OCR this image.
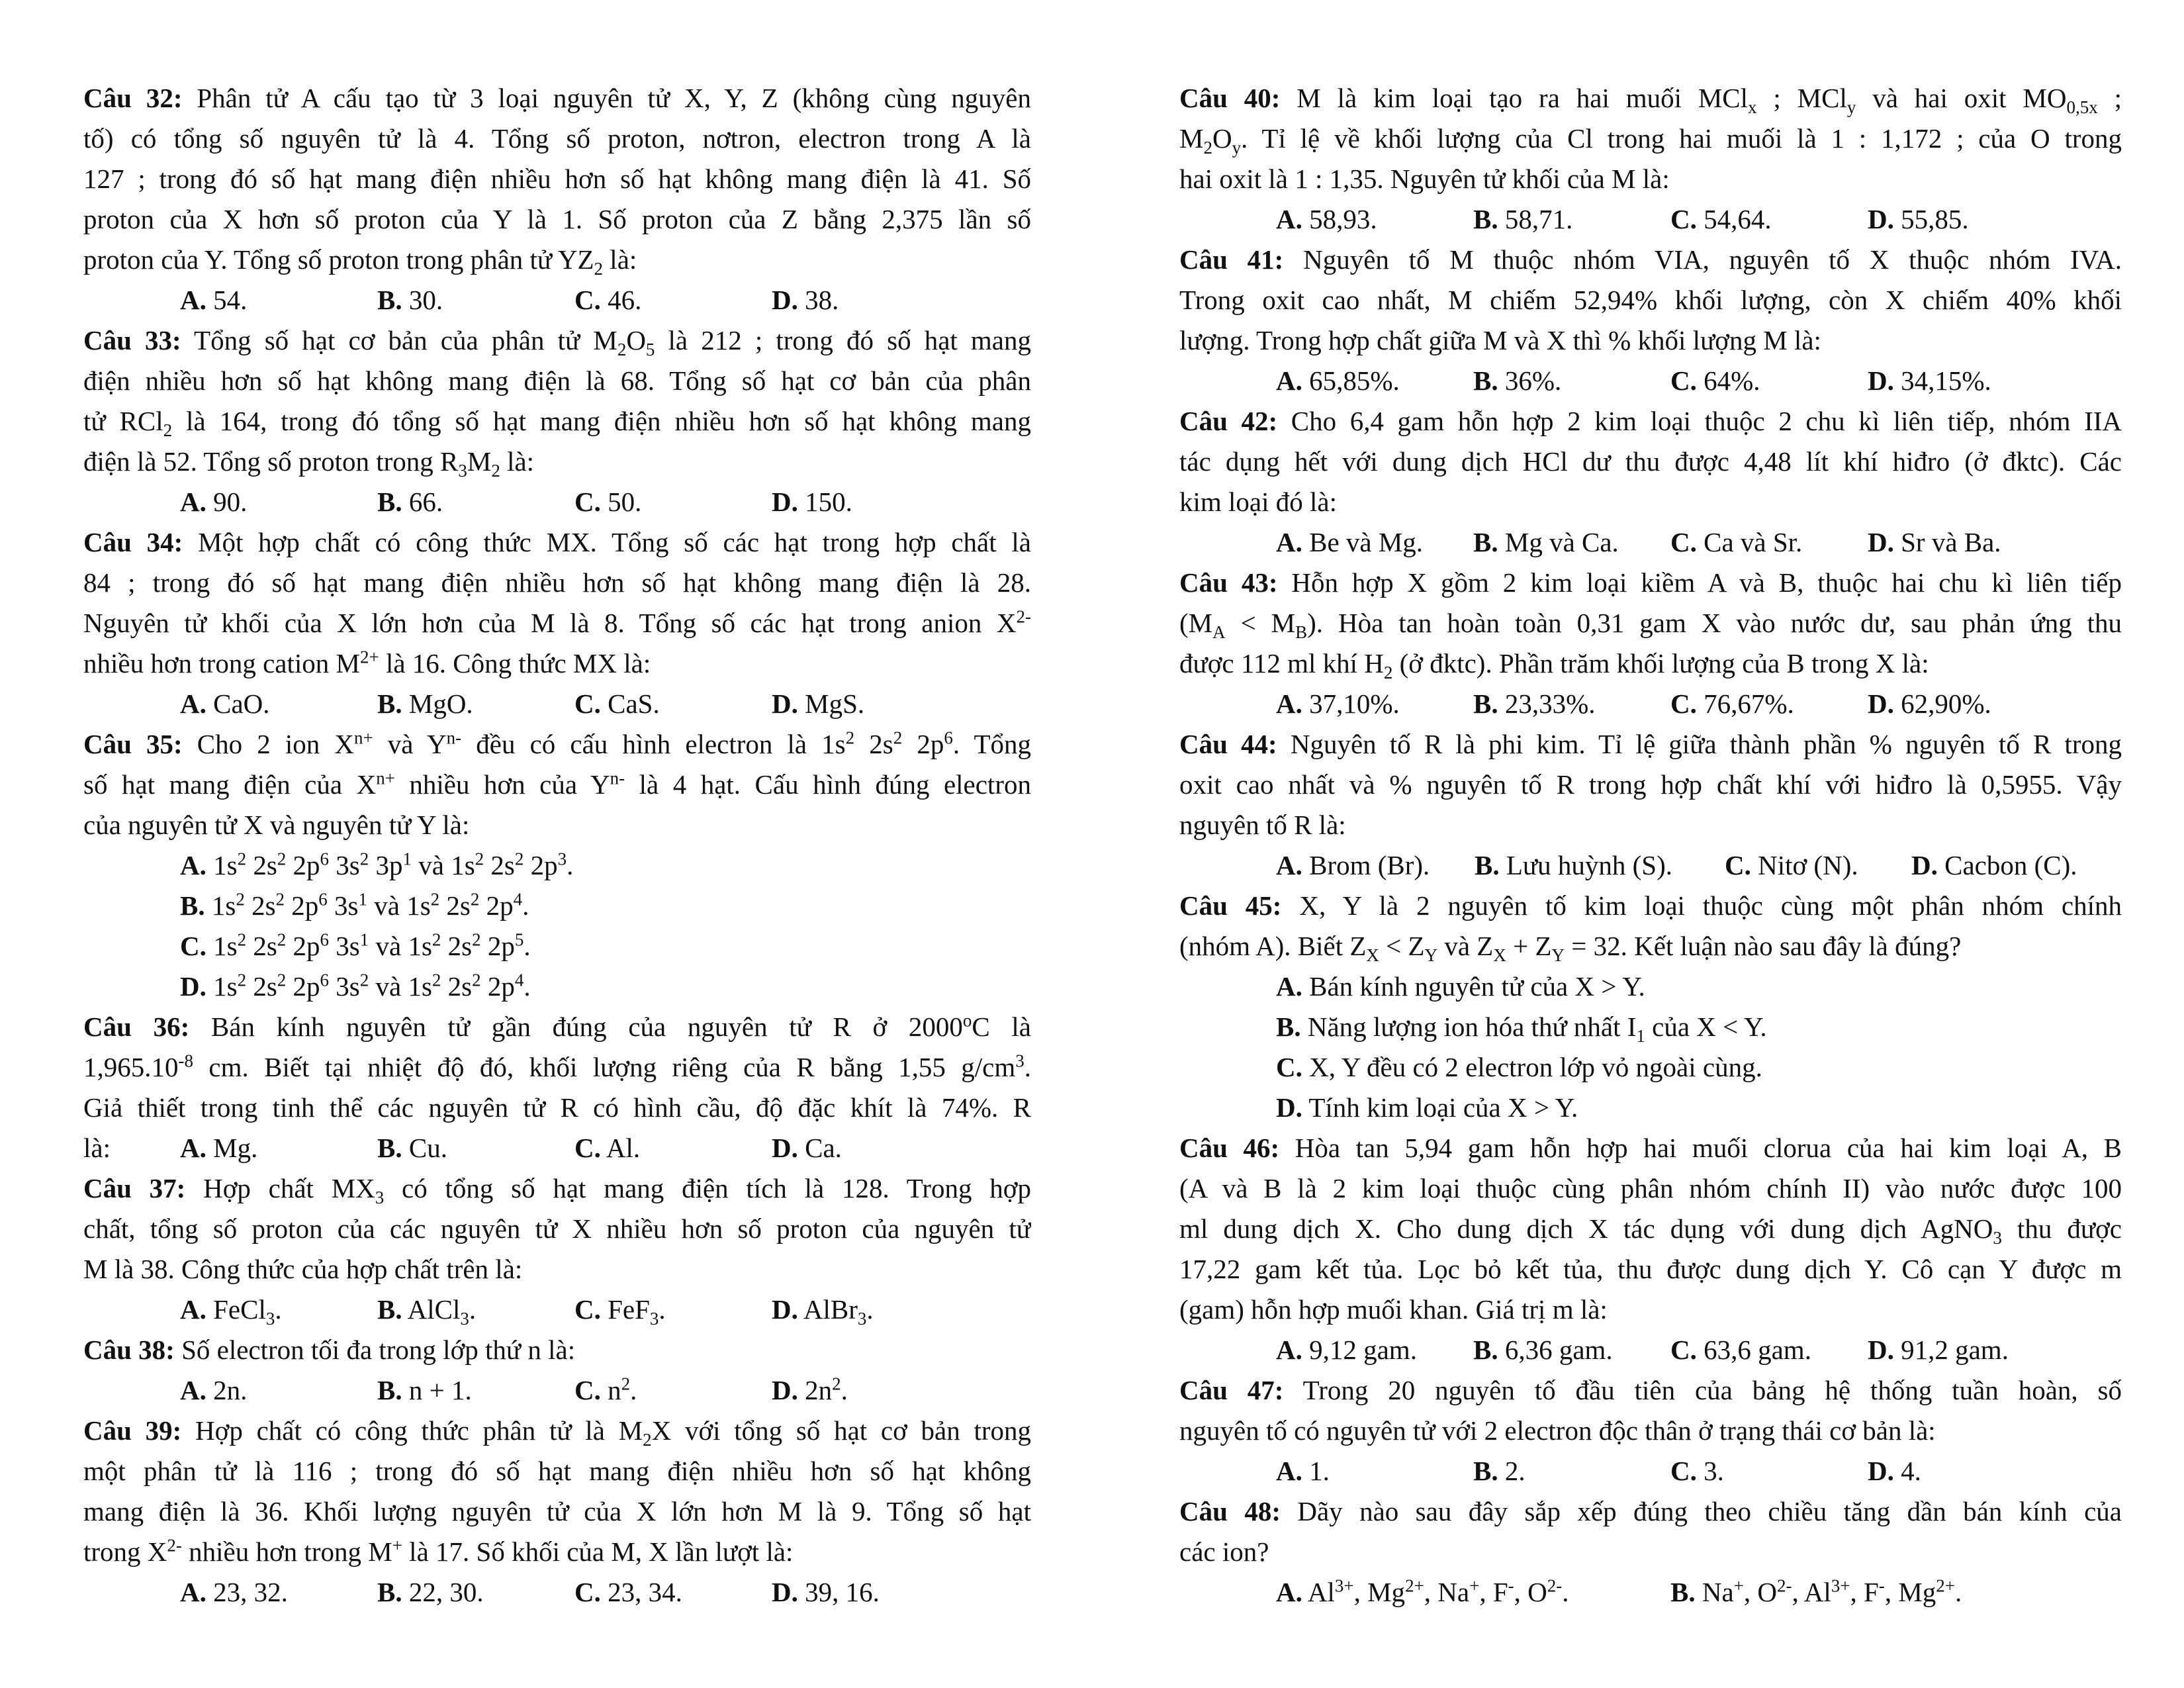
Câu 32: Phân tử A cấu tạo từ 3 loại nguyên tử X, Y, Z (không cùng nguyên
tố) có tổng số nguyên tử là 4. Tổng số proton, nơtron, electron trong A là
127 ; trong đó số hạt mang điện nhiều hơn số hạt không mang điện là 41. Số
proton của X hơn số proton của Y là 1. Số proton của Z bằng 2,375 lần số
proton của Y. Tổng số proton trong phân tử $YZ_2$ là:
A. 54.	B. 30.	C. 46.	D. 38.
Câu 33: Tổng số hạt cơ bản của phân tử $M_2O_5$ là 212 ; trong đó số hạt mang
điện nhiều hơn số hạt không mang điện là 68. Tổng số hạt cơ bản của phân
tử RCl$_2$ là 164, trong đó tổng số hạt mang điện nhiều hơn số hạt không mang
điện là 52. Tổng số proton trong $R_3M_2$ là:
A. 90.	B. 66.	C. 50.	D. 150.
Câu 34: Một hợp chất có công thức MX. Tổng số các hạt trong hợp chất là
84 ; trong đó số hạt mang điện nhiều hơn số hạt không mang điện là 28.
Nguyên tử khối của X lớn hơn của M là 8. Tổng số các hạt trong anion $X^{2-}$
nhiều hơn trong cation $M^{2+}$ là 16. Công thức MX là:
A. CaO.	B. MgO.	C. CaS.	D. MgS.
Câu 35: Cho 2 ion $X^{n+}$ và $Y^{n-}$ đều có cấu hình electron là $1s^2$ $2s^2$ $2p^6$. Tổng
số hạt mang điện của $X^{n+}$ nhiều hơn của $Y^{n-}$ là 4 hạt. Cấu hình đúng electron
của nguyên tử X và nguyên tử Y là:
A. $1s^2$ $2s^2$ $2p^6$ $3s^2$ $3p^1$ và $1s^2$ $2s^2$ $2p^3$.
B. $1s^2$ $2s^2$ $2p^6$ $3s^1$ và $1s^2$ $2s^2$ $2p^4$.
C. $1s^2$ $2s^2$ $2p^6$ $3s^1$ và $1s^2$ $2s^2$ $2p^5$.
D. $1s^2$ $2s^2$ $2p^6$ $3s^2$ và $1s^2$ $2s^2$ $2p^4$.
Câu 36: Bán kính nguyên tử gần đúng của nguyên tử R ở 2000$^o$C là
$1,965.10^{-8}$ cm. Biết tại nhiệt độ đó, khối lượng riêng của R bằng 1,55 $g/cm^3$.
Giả thiết trong tinh thể các nguyên tử R có hình cầu, độ đặc khít là 74%. R
là:	A. Mg.	B. Cu.	C. Al.	D. Ca.
Câu 37: Hợp chất $MX_3$ có tổng số hạt mang điện tích là 128. Trong hợp
chất, tổng số proton của các nguyên tử X nhiều hơn số proton của nguyên tử
M là 38. Công thức của hợp chất trên là:
A. FeCl$_3$.	B. AlCl$_3$.	C. FeF$_3$.	D. AlBr$_3$.
Câu 38: Số electron tối đa trong lớp thứ n là:
A. 2n.	B. n + 1.	C. $n^2$.	D. $2n^2$.
Câu 39: Hợp chất có công thức phân tử là $M_2X$ với tổng số hạt cơ bản trong
một phân tử là 116 ; trong đó số hạt mang điện nhiều hơn số hạt không
mang điện là 36. Khối lượng nguyên tử của X lớn hơn M là 9. Tổng số hạt
trong $X^{2-}$ nhiều hơn trong M+ là 17. Số khối của M, X lần lượt là:
A. 23, 32.	B. 22, 30.	C. 23, 34.	D. 39, 16.
Câu 40: M là kim loại tạo ra hai muối MCl$_x$ ; MCl$_y$ và hai oxit $MO_{0,5x}$ ;
$M_2O_y$. Tỉ lệ về khối lượng của Cl trong hai muối là 1 : 1,172 ; của O trong
hai oxit là 1 : 1,35. Nguyên tử khối của M là:
A. 58,93.	B. 58,71.	C. 54,64.	D. 55,85.
Câu 41: Nguyên tố M thuộc nhóm VIA, nguyên tố X thuộc nhóm IVA.
Trong oxit cao nhất, M chiếm 52,94% khối lượng, còn X chiếm 40% khối
lượng. Trong hợp chất giữa M và X thì % khối lượng M là:
A. 65,85%.	B. 36%.	C. 64%.	D. 34,15%.
Câu 42: Cho 6,4 gam hỗn hợp 2 kim loại thuộc 2 chu kì liên tiếp, nhóm IIA
tác dụng hết với dung dịch HCl dư thu được 4,48 lít khí hiđro (ở đktc). Các
kim loại đó là:
A. Be và Mg.	B. Mg và Ca.	C. Ca và Sr.	D. Sr và Ba.
Câu 43: Hỗn hợp X gồm 2 kim loại kiềm A và B, thuộc hai chu kì liên tiếp
$(M_A < M_B)$. Hòa tan hoàn toàn 0,31 gam X vào nước dư, sau phản ứng thu
được 112 ml khí $H_2$ (ở đktc). Phần trăm khối lượng của B trong X là:
A. 37,10%.	B. 23,33%.	C. 76,67%.	D. 62,90%.
Câu 44: Nguyên tố R là phi kim. Tỉ lệ giữa thành phần % nguyên tố R trong
oxit cao nhất và % nguyên tố R trong hợp chất khí với hiđro là 0,5955. Vậy
nguyên tố R là:
A. Brom (Br).	B. Lưu huỳnh (S).	C. Nitơ (N).	D. Cacbon (C).
Câu 45: X, Y là 2 nguyên tố kim loại thuộc cùng một phân nhóm chính
(nhóm A). Biết $Z_X < Z_Y$ và $Z_X + Z_Y = 32$. Kết luận nào sau đây là đúng?
A. Bán kính nguyên tử của X > Y.
B. Năng lượng ion hóa thứ nhất $I_1$ của X < Y.
C. X, Y đều có 2 electron lớp vỏ ngoài cùng.
D. Tính kim loại của X > Y.
Câu 46: Hòa tan 5,94 gam hỗn hợp hai muối clorua của hai kim loại A, B
(A và B là 2 kim loại thuộc cùng phân nhóm chính II) vào nước được 100
ml dung dịch X. Cho dung dịch X tác dụng với dung dịch AgNO$_3$ thu được
17,22 gam kết tủa. Lọc bỏ kết tủa, thu được dung dịch Y. Cô cạn Y được m
(gam) hỗn hợp muối khan. Giá trị m là:
A. 9,12 gam.	B. 6,36 gam.	C. 63,6 gam.	D. 91,2 gam.
Câu 47: Trong 20 nguyên tố đầu tiên của bảng hệ thống tuần hoàn, số
nguyên tố có nguyên tử với 2 electron độc thân ở trạng thái cơ bản là:
A. 1.	B. 2.	C. 3.	D. 4.
Câu 48: Dãy nào sau đây sắp xếp đúng theo chiều tăng dần bán kính của
các ion?
A. $Al^{3+}$, $Mg^{2+}$, Na+, F-, $O^{2-}$.	B. Na+, $O^{2-}$, $Al^{3+}$, F-, $Mg^{2+}$.
